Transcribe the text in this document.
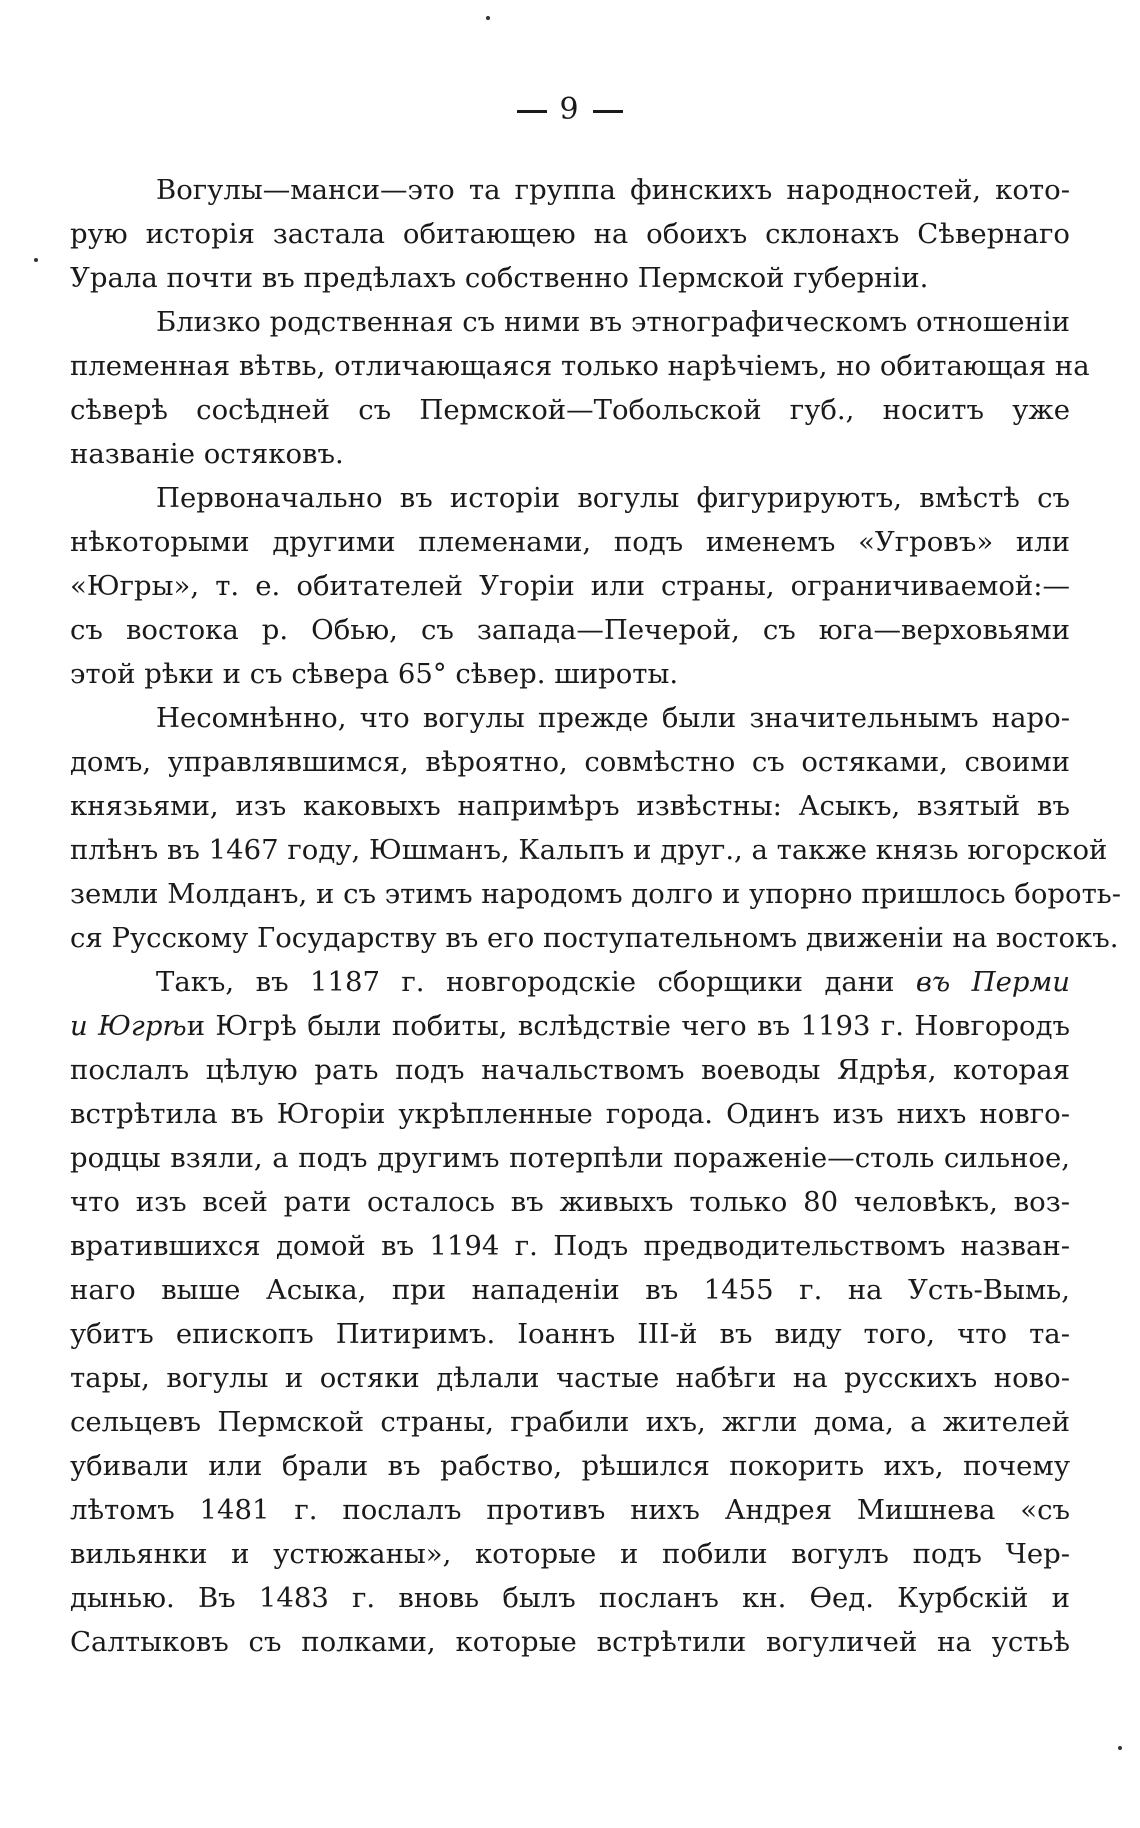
9
Вогулы—манси—это та группа финскихъ народностей, кото-
рую исторія застала обитающею на обоихъ склонахъ Сѣвернаго
Урала почти въ предѣлахъ собственно Пермской губерніи.
Близко родственная съ ними въ этнографическомъ отношеніи
племенная вѣтвь, отличающаяся только нарѣчіемъ, но обитающая на
сѣверѣ сосѣдней съ Пермской—Тобольской губ., носитъ уже
названіе остяковъ.
Первоначально въ исторіи вогулы фигурируютъ, вмѣстѣ съ
нѣкоторыми другими племенами, подъ именемъ «Угровъ» или
«Югры», т. е. обитателей Угоріи или страны, ограничиваемой:—
съ востока р. Обью, съ запада—Печерой, съ юга—верховьями
этой рѣки и съ сѣвера 65° сѣвер. широты.
Несомнѣнно, что вогулы прежде были значительнымъ наро-
домъ, управлявшимся, вѣроятно, совмѣстно съ остяками, своими
князьями, изъ каковыхъ напримѣръ извѣстны: Асыкъ, взятый въ
плѣнъ въ 1467 году, Юшманъ, Кальпъ и друг., а также князь югорской
земли Молданъ, и съ этимъ народомъ долго и упорно пришлось бороть-
ся Русскому Государству въ его поступательномъ движеніи на востокъ.
Такъ, въ 1187 г. новгородскіе сборщики дани въ Перми
и Югрѣи Югрѣ были побиты, вслѣдствіе чего въ 1193 г. Новгородъ
послалъ цѣлую рать подъ начальствомъ воеводы Ядрѣя, которая
встрѣтила въ Югоріи укрѣпленные города. Одинъ изъ нихъ новго-
родцы взяли, а подъ другимъ потерпѣли пораженіе—столь сильное,
что изъ всей рати осталось въ живыхъ только 80 человѣкъ, воз-
вратившихся домой въ 1194 г. Подъ предводительствомъ назван-
наго выше Асыка, при нападеніи въ 1455 г. на Усть-Вымь,
убитъ епископъ Питиримъ. Іоаннъ III-й въ виду того, что та-
тары, вогулы и остяки дѣлали частые набѣги на русскихъ ново-
сельцевъ Пермской страны, грабили ихъ, жгли дома, а жителей
убивали или брали въ рабство, рѣшился покорить ихъ, почему
лѣтомъ 1481 г. послалъ противъ нихъ Андрея Мишнева «съ
вильянки и устюжаны», которые и побили вогулъ подъ Чер-
дынью. Въ 1483 г. вновь былъ посланъ кн. Ѳед. Курбскій и
Салтыковъ съ полками, которые встрѣтили вогуличей на устьѣ
